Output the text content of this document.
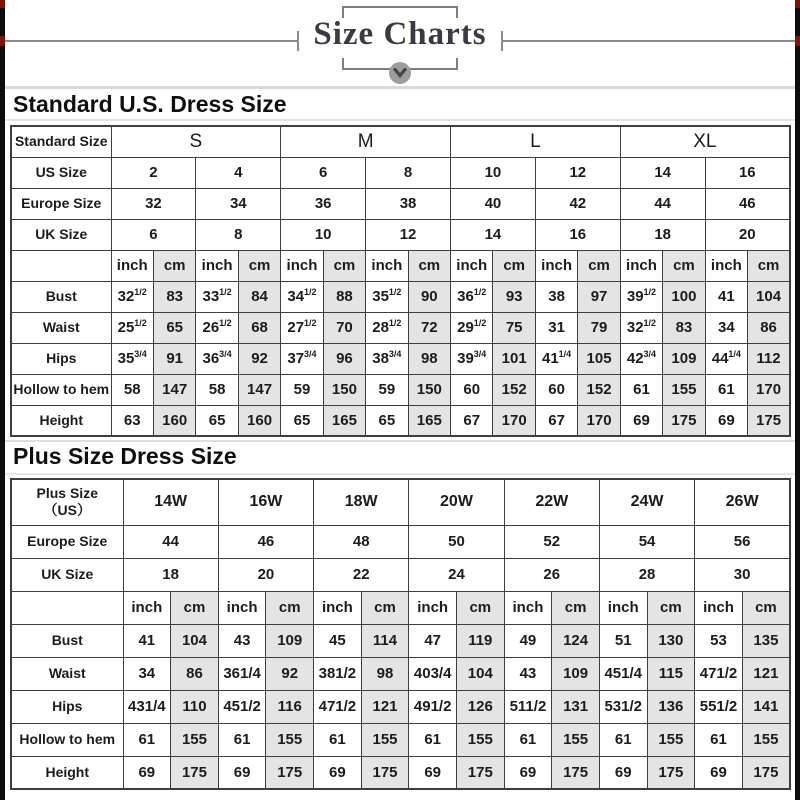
Size Charts
Standard U.S. Dress Size
Standard Size	S				M				L				XL			
US Size	2		4		6		8		10		12		14		16	
Europe Size	32		34		36		38		40		42		44		46	
UK Size	6		8		10		12		14		16		18		20	
	inch	cm	inch	cm	inch	cm	inch	cm	inch	cm	inch	cm	inch	cm	inch	cm
Bust	$32^{1/2}$	83	$33^{1/2}$	84	$34^{1/2}$	88	$35^{1/2}$	90	$36^{1/2}$	93	38	97	$39^{1/2}$	100	41	104
Waist	$25^{1/2}$	65	$26^{1/2}$	68	$27^{1/2}$	70	$28^{1/2}$	72	$29^{1/2}$	75	31	79	$32^{1/2}$	83	34	86
Hips	$35^{3/4}$	91	$36^{3/4}$	92	$37^{3/4}$	96	$38^{3/4}$	98	$39^{3/4}$	101	$41^{1/4}$	105	$42^{3/4}$	109	$44^{1/4}$	112
Hollow to hem	58	147	58	147	59	150	59	150	60	152	60	152	61	155	61	170
Height	63	160	65	160	65	165	65	165	67	170	67	170	69	175	69	175
Plus Size Dress Size
Plus Size
（US）	14W		16W		18W		20W		22W		24W		26W	
Europe Size	44		46		48		50		52		54		56	
UK Size	18		20		22		24		26		28		30	
	inch	cm	inch	cm	inch	cm	inch	cm	inch	cm	inch	cm	inch	cm
Bust	41	104	43	109	45	114	47	119	49	124	51	130	53	135
Waist	34	86	361/4	92	381/2	98	403/4	104	43	109	451/4	115	471/2	121
Hips	431/4	110	451/2	116	471/2	121	491/2	126	511/2	131	531/2	136	551/2	141
Hollow to hem	61	155	61	155	61	155	61	155	61	155	61	155	61	155
Height	69	175	69	175	69	175	69	175	69	175	69	175	69	175
